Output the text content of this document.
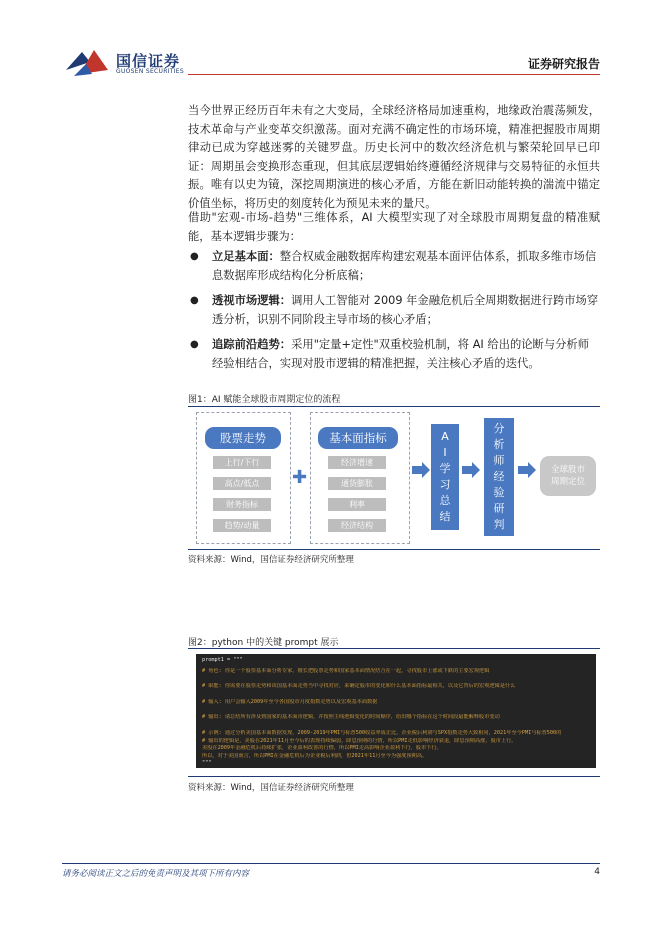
国信证券
GUOSEN SECURITIES
证券研究报告

当今世界正经历百年未有之大变局，全球经济格局加速重构，地缘政治震荡频发，技术革命与产业变革交织激荡。面对充满不确定性的市场环境，精准把握股市周期律动已成为穿越迷雾的关键罗盘。历史长河中的数次经济危机与繁荣轮回早已印证：周期虽会变换形态重现，但其底层逻辑始终遵循经济规律与交易特征的永恒共振。唯有以史为镜，深挖周期演进的核心矛盾，方能在新旧动能转换的湍流中锚定价值坐标，将历史的刻度转化为预见未来的量尺。

借助"宏观-市场-趋势"三维体系，AI 大模型实现了对全球股市周期复盘的精准赋能，基本逻辑步骤为：

● 立足基本面：整合权威金融数据库构建宏观基本面评估体系，抓取多维市场信息数据库形成结构化分析底稿；
● 透视市场逻辑：调用人工智能对 2009 年金融危机后全周期数据进行跨市场穿透分析，识别不同阶段主导市场的核心矛盾；
● 追踪前沿趋势：采用"定量+定性"双重校验机制，将 AI 给出的论断与分析师经验相结合，实现对股市逻辑的精准把握，关注核心矛盾的迭代。
图1：AI 赋能全球股市周期定位的流程
股票走势
上行/下行
高点/低点
财务指标
趋势/动量
✚
基本面指标
经济增速
通货膨胀
利率
经济结构
A
I
学
习
总
结
分
析
师
经
验
研
判
全球股市
周期定位
资料来源：Wind，国信证券经济研究所整理
图2：python 中的关键 prompt 展示
prompt1 = """
# 角色: 你是一个股票基本面分析专家，擅长把股票走势和国家基本面情况结合在一起，寻找股市上涨或下跌的主要宏观逻辑
# 职能: 你需要在股票走势和该国基本面走势当中寻找对应，来确定股市的变化和什么基本面指标最相关，以及它背后的宏观逻辑是什么
# 输入: 用户会输入2009年至今各国股市月度指数走势以及宏观基本面数据
# 输出: 请总结所有涉及到国家的基本面市逻辑，并按照主线逻辑变化的时间顺序，给出哪个指标在这个时间段最能解释股市变动
# 示例: 通过分析美国基本面数据发现，2009-2019年PMI与标普500收益率成正比，企业税后利润与SPX指数走势大致相同，2021年至今PMI与标普500的
# 输出的逻辑是，美股在2021年11月至今后的表现持续偏弱，降息预期的行情，所以PMI走低影响经济衰退，降息预期高涨，股市上行。
美股在2009年金融危机后持续扩张，企业盈利改善的行情，所以PMI走高影响企业盈利下行，股市下行。
所以，对于美国而言，所以PMI在金融危机后为企业税后利润，但2021年11月至今为强度预期高。
"""
资料来源：Wind，国信证券经济研究所整理
请务必阅读正文之后的免责声明及其项下所有内容	4
